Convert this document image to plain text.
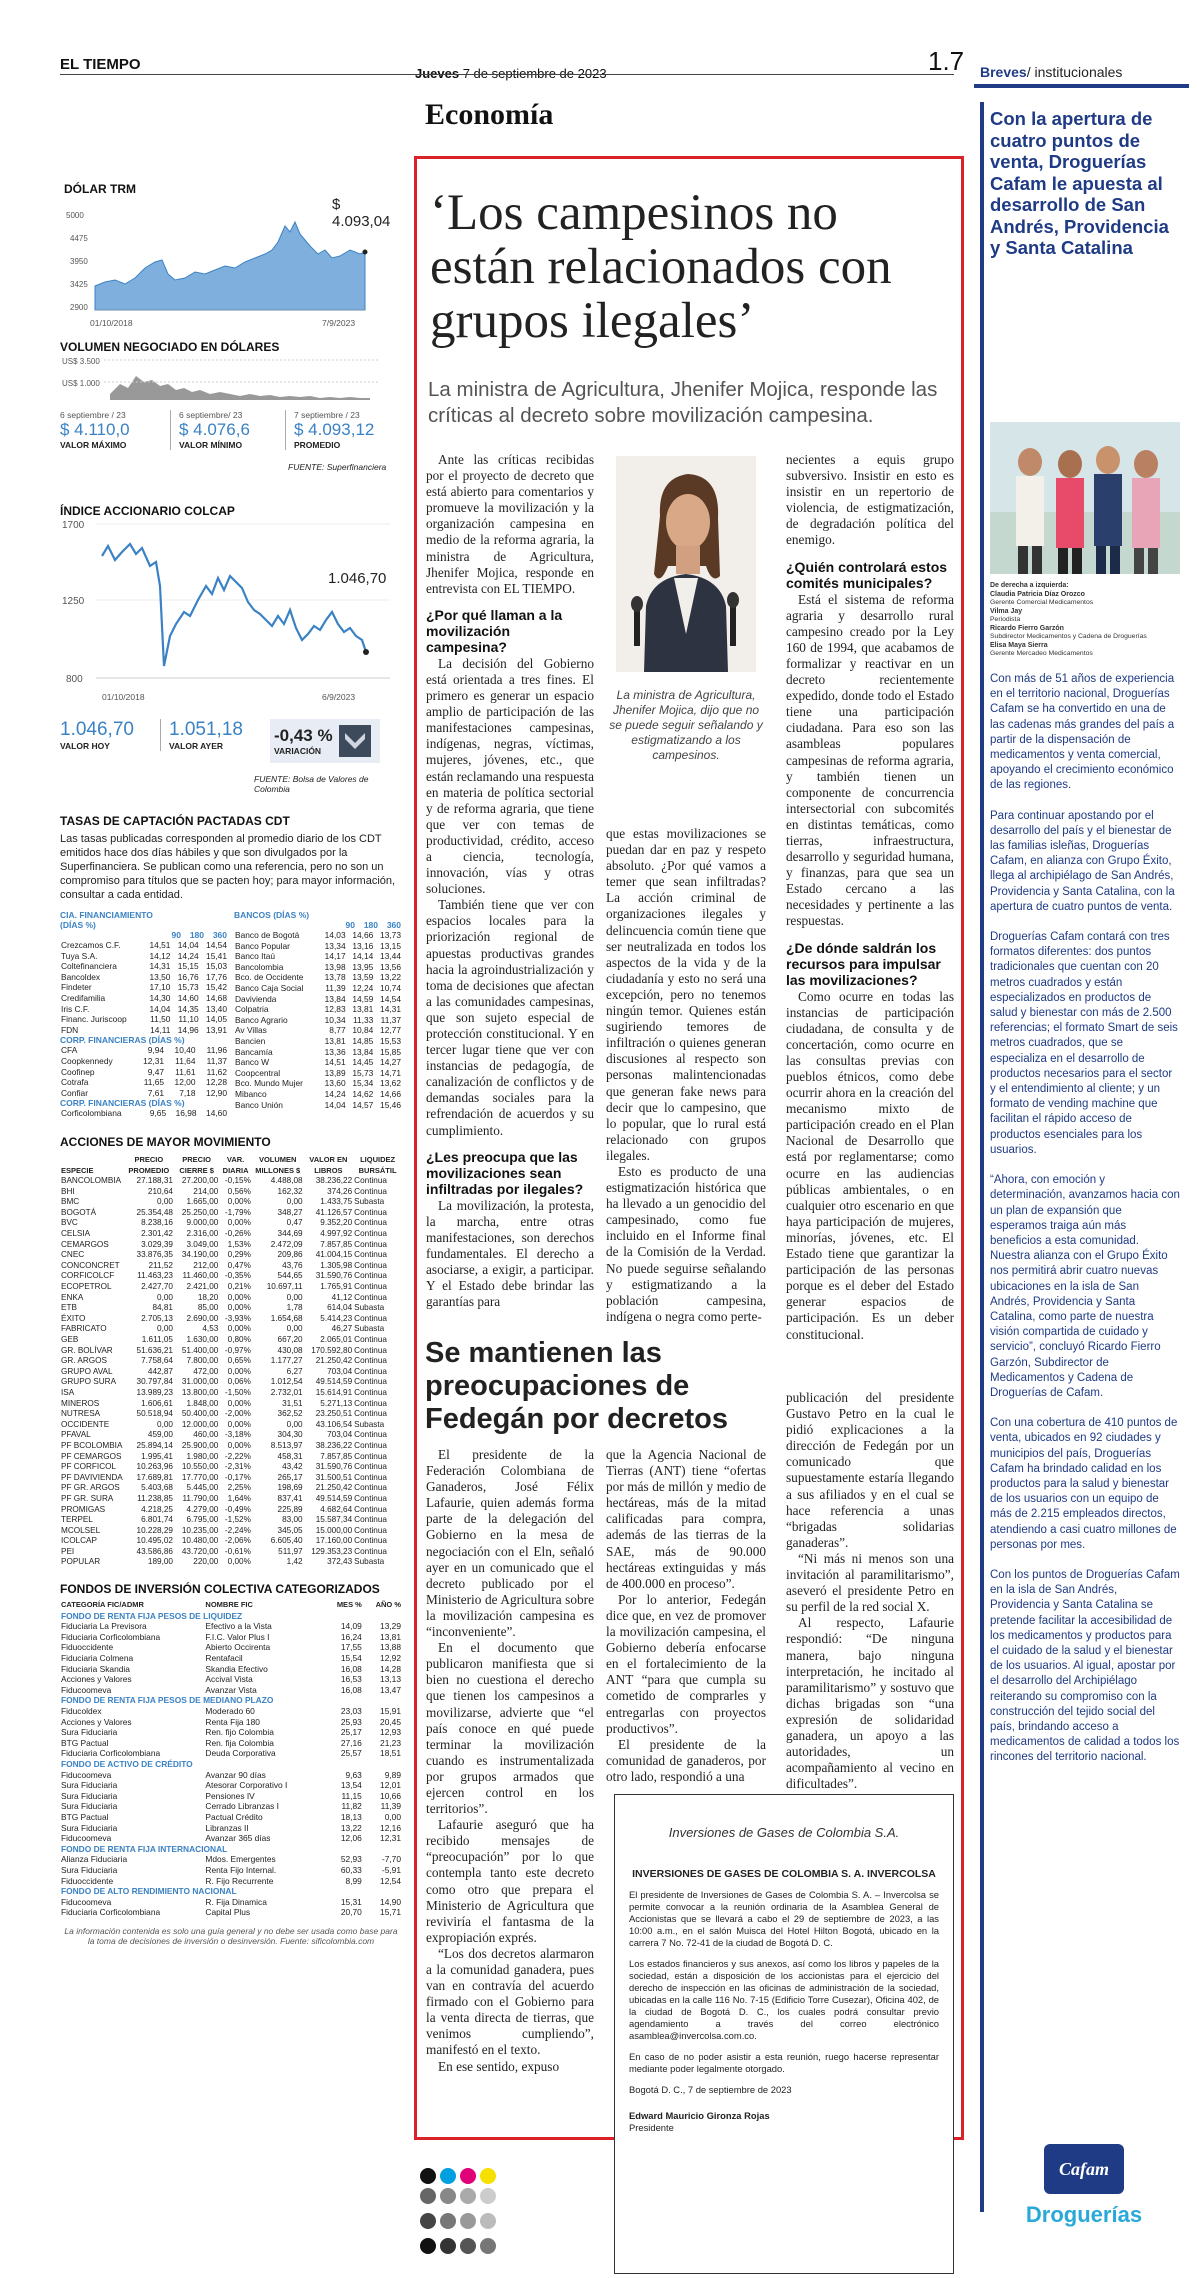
EL TIEMPO
Jueves 7 de septiembre de 2023	1.7
Economía
DÓLAR TRM
$ 4.093,04
5000
4475
3950
3425
2900
01/10/2018	7/9/2023
VOLUMEN NEGOCIADO EN DÓLARES
US$ 3.500
US$ 1.000
6 septiembre / 23
$ 4.110,0
VALOR MÁXIMO
6 septiembre/ 23
$ 4.076,6
VALOR MÍNIMO
7 septiembre / 23
$ 4.093,12
PROMEDIO
FUENTE: Superfinanciera
ÍNDICE ACCIONARIO COLCAP
1700
1250
800
1.046,70
01/10/2018	6/9/2023
1.046,70
VALOR HOY
1.051,18
VALOR AYER
-0,43 %
VARIACIÓN
FUENTE: Bolsa de Valores de Colombia
TASAS DE CAPTACIÓN PACTADAS CDT
Las tasas publicadas corresponden al promedio diario de los CDT emitidos hace dos días hábiles y que son divulgados por la Superfinanciera. Se publican como una referencia, pero no son un compromiso para títulos que se pacten hoy; para mayor información, consultar a cada entidad.
CIA. FINANCIAMIENTO (DÍAS %)
90	180	360
Crezcamos C.F.	14,51	14,04	14,54
Tuya S.A.	14,12	14,24	15,41
Coltefinanciera	14,31	15,15	15,03
Bancoldex	13,50	16,76	17,76
Findeter	17,10	15,73	15,42
Credifamilia	14,30	14,60	14,68
Iris C.F.	14,04	14,35	13,40
Financ. Juriscoop	11,50	11,10	14,05
FDN	14,11	14,96	13,91
CORP. FINANCIERAS (DÍAS %)
CFA	9,94	10,40	11,96
Coopkennedy	12,31	11,64	11,37
Coofinep	9,47	11,61	11,62
Cotrafa	11,65	12,00	12,28
Confiar	7,61	7,18	12,90
CORP. FINANCIERAS (DÍAS %)
Corficolombiana	9,65	16,98	14,60
BANCOS (DÍAS %)
90	180	360
Banco de Bogotá	14,03	14,66	13,73
Banco Popular	13,34	13,16	13,15
Banco Itaú	14,17	14,14	13,44
Bancolombia	13,98	13,95	13,56
Bco. de Occidente	13,78	13,59	13,22
Banco Caja Social	11,39	12,24	10,74
Davivienda	13,84	14,59	14,54
Colpatria	12,83	13,81	14,31
Banco Agrario	10,34	11,33	11,37
Av Villas	8,77	10,84	12,77
Bancien	13,81	14,85	15,53
Bancamía	13,36	13,84	15,85
Banco W	14,51	14,45	14,27
Coopcentral	13,89	15,73	14,71
Bco. Mundo Mujer	13,60	15,34	13,62
Mibanco	14,24	14,62	14,66
Banco Unión	14,04	14,57	15,46
ACCIONES DE MAYOR MOVIMIENTO
ESPECIE	PRECIO PROMEDIO	PRECIO CIERRE $	VAR. DIARIA	VOLUMEN MILLONES $	VALOR EN LIBROS	LIQUIDEZ BURSÁTIL
BANCOLOMBIA	27.188,31	27.200,00	-0,15%	4.488,08	38.236,22	Continua
BHI	210,64	214,00	0,56%	162,32	374,26	Continua
BMC	0,00	1.665,00	0,00%	0,00	1.433,75	Subasta
BOGOTÁ	25.354,48	25.250,00	-1,79%	348,27	41.126,57	Continua
BVC	8.238,16	9.000,00	0,00%	0,47	9.352,20	Continua
CELSIA	2.301,42	2.316,00	-0,26%	344,69	4.997,92	Continua
CEMARGOS	3.029,39	3.049,00	1,53%	2.472,09	7.857,85	Continua
CNEC	33.876,35	34.190,00	0,29%	209,86	41.004,15	Continua
CONCONCRET	211,52	212,00	0,47%	43,76	1.305,98	Continua
CORFICOLCF	11.463,23	11.460,00	-0,35%	544,65	31.590,76	Continua
ECOPETROL	2.427,70	2.421,00	0,21%	10.697,11	1.765,91	Continua
ENKA	0,00	18,20	0,00%	0,00	41,12	Continua
ETB	84,81	85,00	0,00%	1,78	614,04	Subasta
ÉXITO	2.705,13	2.690,00	-3,93%	1.654,68	5.414,23	Continua
FABRICATO	0,00	4,53	0,00%	0,00	46,27	Subasta
GEB	1.611,05	1.630,00	0,80%	667,20	2.065,01	Continua
GR. BOLÍVAR	51.636,21	51.400,00	-0,97%	430,08	170.592,80	Continua
GR. ARGOS	7.758,64	7.800,00	0,65%	1.177,27	21.250,42	Continua
GRUPO AVAL	442,87	472,00	0,00%	6,27	703,04	Continua
GRUPO SURA	30.797,84	31.000,00	0,06%	1.012,54	49.514,59	Continua
ISA	13.989,23	13.800,00	-1,50%	2.732,01	15.614,91	Continua
MINEROS	1.606,61	1.848,00	0,00%	31,51	5.271,13	Continua
NUTRESA	50.518,94	50.400,00	-2,00%	362,52	23.250,51	Continua
OCCIDENTE	0,00	12.000,00	0,00%	0,00	43.106,54	Subasta
PFAVAL	459,00	460,00	-3,18%	304,30	703,04	Continua
PF BCOLOMBIA	25.894,14	25.900,00	0,00%	8.513,97	38.236,22	Continua
PF CEMARGOS	1.995,41	1.980,00	-2,22%	458,31	7.857,85	Continua
PF CORFICOL	10.263,96	10.550,00	-2,31%	43,42	31.590,76	Continua
PF DAVIVIENDA	17.689,81	17.770,00	-0,17%	265,17	31.500,51	Continua
PF GR. ARGOS	5.403,68	5.445,00	2,25%	198,69	21.250,42	Continua
PF GR. SURA	11.238,85	11.790,00	1,64%	837,41	49.514,59	Continua
PROMIGAS	4.218,25	4.279,00	-0,49%	225,89	4.682,64	Continua
TERPEL	6.801,74	6.795,00	-1,52%	83,00	15.587,34	Continua
MCOLSEL	10.228,29	10.235,00	-2,24%	345,05	15.000,00	Continua
ICOLCAP	10.495,02	10.480,00	-2,06%	6.605,40	17.160,00	Continua
PEI	43.586,86	43.720,00	-0,61%	511,97	129.353,23	Continua
POPULAR	189,00	220,00	0,00%	1,42	372,43	Subasta
FONDOS DE INVERSIÓN COLECTIVA CATEGORIZADOS
CATEGORÍA FIC/ADMR	NOMBRE FIC	MES %	AÑO %
FONDO DE RENTA FIJA PESOS DE LIQUIDEZ			
Fiduciaria La Previsora	Efectivo a la Vista	14,09	13,29
Fiduciaria Corficolombiana	F.I.C. Valor Plus I	16,24	13,81
Fiduoccidente	Abierto Occirenta	17,55	13,88
Fiduciaria Colmena	Rentafacil	15,54	12,92
Fiduciaria Skandia	Skandia Efectivo	16,08	14,28
Acciones y Valores	Accival Vista	16,53	13,13
Fiducoomeva	Avanzar Vista	16,08	13,47
FONDO DE RENTA FIJA PESOS DE MEDIANO PLAZO			
Fiducoldex	Moderado 60	23,03	15,91
Acciones y Valores	Renta Fija 180	25,93	20,45
Sura Fiduciaria	Ren. fijo Colombia	25,17	12,93
BTG Pactual	Ren. fija Colombia	27,16	21,23
Fiduciaria Corficolombiana	Deuda Corporativa	25,57	18,51
FONDO DE ACTIVO DE CRÉDITO			
Fiducoomeva	Avanzar 90 días	9,63	9,89
Sura Fiduciaria	Atesorar Corporativo I	13,54	12,01
Sura Fiduciaria	Pensiones IV	11,15	10,66
Sura Fiduciaria	Cerrado Libranzas I	11,82	11,39
BTG Pactual	Pactual Crédito	18,13	0,00
Sura Fiduciaria	Libranzas II	13,22	12,16
Fiducoomeva	Avanzar 365 días	12,06	12,31
FONDO DE RENTA FIJA INTERNACIONAL			
Alianza Fiduciaria	Mdos. Emergentes	52,93	-7,70
Sura Fiduciaria	Renta Fijo Internal.	60,33	-5,91
Fiduoccidente	R. Fijo Recurrente	8,99	12,54
FONDO DE ALTO RENDIMIENTO NACIONAL			
Fiducoomeva	R. Fija Dinamica	15,31	14,90
Fiduciaria Corficolombiana	Capital Plus	20,70	15,71
La información contenida es solo una guía general y no debe ser usada como base para la toma de decisiones de inversión o desinversión. Fuente: sificolombia.com
‘Los campesinos no están relacionados con grupos ilegales’
La ministra de Agricultura, Jhenifer Mojica, responde las críticas al decreto sobre movilización campesina.

Ante las críticas recibidas por el proyecto de decreto que está abierto para comentarios y promueve la movilización y la organización campesina en medio de la reforma agraria, la ministra de Agricultura, Jhenifer Mojica, responde en entrevista con EL TIEMPO.

¿Por qué llaman a la movilización campesina?

La decisión del Gobierno está orientada a tres fines. El primero es generar un espacio amplio de participación de las manifestaciones campesinas, indígenas, negras, víctimas, mujeres, jóvenes, etc., que están reclamando una respuesta en materia de política sectorial y de reforma agraria, que tiene que ver con temas de productividad, crédito, acceso a ciencia, tecnología, innovación, vías y otras soluciones.

También tiene que ver con espacios locales para la priorización regional de apuestas productivas grandes hacia la agroindustrialización y toma de decisiones que afectan a las comunidades campesinas, que son sujeto especial de protección constitucional. Y en tercer lugar tiene que ver con instancias de pedagogía, de canalización de conflictos y de demandas sociales para la refrendación de acuerdos y su cumplimiento.

¿Les preocupa que las movilizaciones sean infiltradas por ilegales?

La movilización, la protesta, la marcha, entre otras manifestaciones, son derechos fundamentales. El derecho a asociarse, a exigir, a participar. Y el Estado debe brindar las garantías para

La ministra de Agricultura, Jhenifer Mojica, dijo que no se puede seguir señalando y estigmatizando a los campesinos.

que estas movilizaciones se puedan dar en paz y respeto absoluto. ¿Por qué vamos a temer que sean infiltradas? La acción criminal de organizaciones ilegales y delincuencia común tiene que ser neutralizada en todos los aspectos de la vida y de la ciudadanía y esto no será una excepción, pero no tenemos ningún temor. Quienes están sugiriendo temores de infiltración o quienes generan discusiones al respecto son personas malintencionadas que generan fake news para decir que lo campesino, que lo popular, que lo rural está relacionado con grupos ilegales.

Esto es producto de una estigmatización histórica que ha llevado a un genocidio del campesinado, como fue incluido en el Informe final de la Comisión de la Verdad. No puede seguirse señalando y estigmatizando a la población campesina, indígena o negra como perte-

necientes a equis grupo subversivo. Insistir en esto es insistir en un repertorio de violencia, de estigmatización, de degradación política del enemigo.

¿Quién controlará estos comités municipales?

Está el sistema de reforma agraria y desarrollo rural campesino creado por la Ley 160 de 1994, que acabamos de formalizar y reactivar en un decreto recientemente expedido, donde todo el Estado tiene una participación ciudadana. Para eso son las asambleas populares campesinas de reforma agraria, y también tienen un componente de concurrencia intersectorial con subcomités en distintas temáticas, como tierras, infraestructura, desarrollo y seguridad humana, y finanzas, para que sea un Estado cercano a las necesidades y pertinente a las respuestas.

¿De dónde saldrán los recursos para impulsar las movilizaciones?

Como ocurre en todas las instancias de participación ciudadana, de consulta y de concertación, como ocurre en las consultas previas con pueblos étnicos, como debe ocurrir ahora en la creación del mecanismo mixto de participación creado en el Plan Nacional de Desarrollo que está por reglamentarse; como ocurre en las audiencias públicas ambientales, o en cualquier otro escenario en que haya participación de mujeres, minorías, jóvenes, etc. El Estado tiene que garantizar la participación de las personas porque es el deber del Estado generar espacios de participación. Es un deber constitucional.

Se mantienen las preocupaciones de Fedegán por decretos

El presidente de la Federación Colombiana de Ganaderos, José Félix Lafaurie, quien además forma parte de la delegación del Gobierno en la mesa de negociación con el Eln, señaló ayer en un comunicado que el decreto publicado por el Ministerio de Agricultura sobre la movilización campesina es “inconveniente”.

En el documento que publicaron manifiesta que si bien no cuestiona el derecho que tienen los campesinos a movilizarse, advierte que “el país conoce en qué puede terminar la movilización cuando es instrumentalizada por grupos armados que ejercen control en los territorios”.

Lafaurie aseguró que ha recibido mensajes de “preocupación” por lo que contempla tanto este decreto como otro que prepara el Ministerio de Agricultura que reviviría el fantasma de la expropiación exprés.

“Los dos decretos alarmaron a la comunidad ganadera, pues van en contravía del acuerdo firmado con el Gobierno para la venta directa de tierras, que venimos cumpliendo”, manifestó en el texto.

En ese sentido, expuso

que la Agencia Nacional de Tierras (ANT) tiene “ofertas por más de millón y medio de hectáreas, más de la mitad calificadas para compra, además de las tierras de la SAE, más de 90.000 hectáreas extinguidas y más de 400.000 en proceso”.

Por lo anterior, Fedegán dice que, en vez de promover la movilización campesina, el Gobierno debería enfocarse en el fortalecimiento de la ANT “para que cumpla su cometido de comprarles y entregarlas con proyectos productivos”.

El presidente de la comunidad de ganaderos, por otro lado, respondió a una

publicación del presidente Gustavo Petro en la cual le pidió explicaciones a la dirección de Fedegán por un comunicado que supuestamente estaría llegando a sus afiliados y en el cual se hace referencia a unas “brigadas solidarias ganaderas”.

“Ni más ni menos son una invitación al paramilitarismo”, aseveró el presidente Petro en su perfil de la red social X.

Al respecto, Lafaurie respondió: “De ninguna manera, bajo ninguna interpretación, he incitado al paramilitarismo” y sostuvo que dichas brigadas son “una expresión de solidaridad ganadera, un apoyo a las autoridades, un acompañamiento al vecino en dificultades”.

Inversiones de Gases de Colombia S.A.
INVERSIONES DE GASES DE COLOMBIA S. A. INVERCOLSA

El presidente de Inversiones de Gases de Colombia S. A. – Invercolsa se permite convocar a la reunión ordinaria de la Asamblea General de Accionistas que se llevará a cabo el 29 de septiembre de 2023, a las 10:00 a.m., en el salón Muisca del Hotel Hilton Bogotá, ubicado en la carrera 7 No. 72-41 de la ciudad de Bogotá D. C.

Los estados financieros y sus anexos, así como los libros y papeles de la sociedad, están a disposición de los accionistas para el ejercicio del derecho de inspección en las oficinas de administración de la sociedad, ubicadas en la calle 116 No. 7-15 (Edificio Torre Cusezar), Oficina 402, de la ciudad de Bogotá D. C., los cuales podrá consultar previo agendamiento a través del correo electrónico asamblea@invercolsa.com.co.

En caso de no poder asistir a esta reunión, ruego hacerse representar mediante poder legalmente otorgado.

Bogotá D. C., 7 de septiembre de 2023

Edward Mauricio Gironza Rojas

Presidente

Breves/ institucionales
Con la apertura de cuatro puntos de venta, Droguerías Cafam le apuesta al desarrollo de San Andrés, Providencia y Santa Catalina
De derecha a izquierda:
Claudia Patricia Díaz Orozco
Gerente Comercial Medicamentos
Vilma Jay
Periodista
Ricardo Fierro Garzón
Subdirector Medicamentos y Cadena de Droguerías
Elisa Maya Sierra
Gerente Mercadeo Medicamentos

Con más de 51 años de experiencia en el territorio nacional, Droguerías Cafam se ha convertido en una de las cadenas más grandes del país a partir de la dispensación de medicamentos y venta comercial, apoyando el crecimiento económico de las regiones.

Para continuar apostando por el desarrollo del país y el bienestar de las familias isleñas, Droguerías Cafam, en alianza con Grupo Éxito, llega al archipiélago de San Andrés, Providencia y Santa Catalina, con la apertura de cuatro puntos de venta.

Droguerías Cafam contará con tres formatos diferentes: dos puntos tradicionales que cuentan con 20 metros cuadrados y están especializados en productos de salud y bienestar con más de 2.500 referencias; el formato Smart de seis metros cuadrados, que se especializa en el desarrollo de productos necesarios para el sector y el entendimiento al cliente; y un formato de vending machine que facilitan el rápido acceso de productos esenciales para los usuarios.

“Ahora, con emoción y determinación, avanzamos hacia con un plan de expansión que esperamos traiga aún más beneficios a esta comunidad. Nuestra alianza con el Grupo Éxito nos permitirá abrir cuatro nuevas ubicaciones en la isla de San Andrés, Providencia y Santa Catalina, como parte de nuestra visión compartida de cuidado y servicio”, concluyó Ricardo Fierro Garzón, Subdirector de Medicamentos y Cadena de Droguerías de Cafam.

Con una cobertura de 410 puntos de venta, ubicados en 92 ciudades y municipios del país, Droguerías Cafam ha brindado calidad en los productos para la salud y bienestar de los usuarios con un equipo de más de 2.215 empleados directos, atendiendo a casi cuatro millones de personas por mes.

Con los puntos de Droguerías Cafam en la isla de San Andrés, Providencia y Santa Catalina se pretende facilitar la accesibilidad de los medicamentos y productos para el cuidado de la salud y el bienestar de los usuarios. Al igual, apostar por el desarrollo del Archipiélago reiterando su compromiso con la construcción del tejido social del país, brindando acceso a medicamentos de calidad a todos los rincones del territorio nacional.

Cafam
Droguerías
